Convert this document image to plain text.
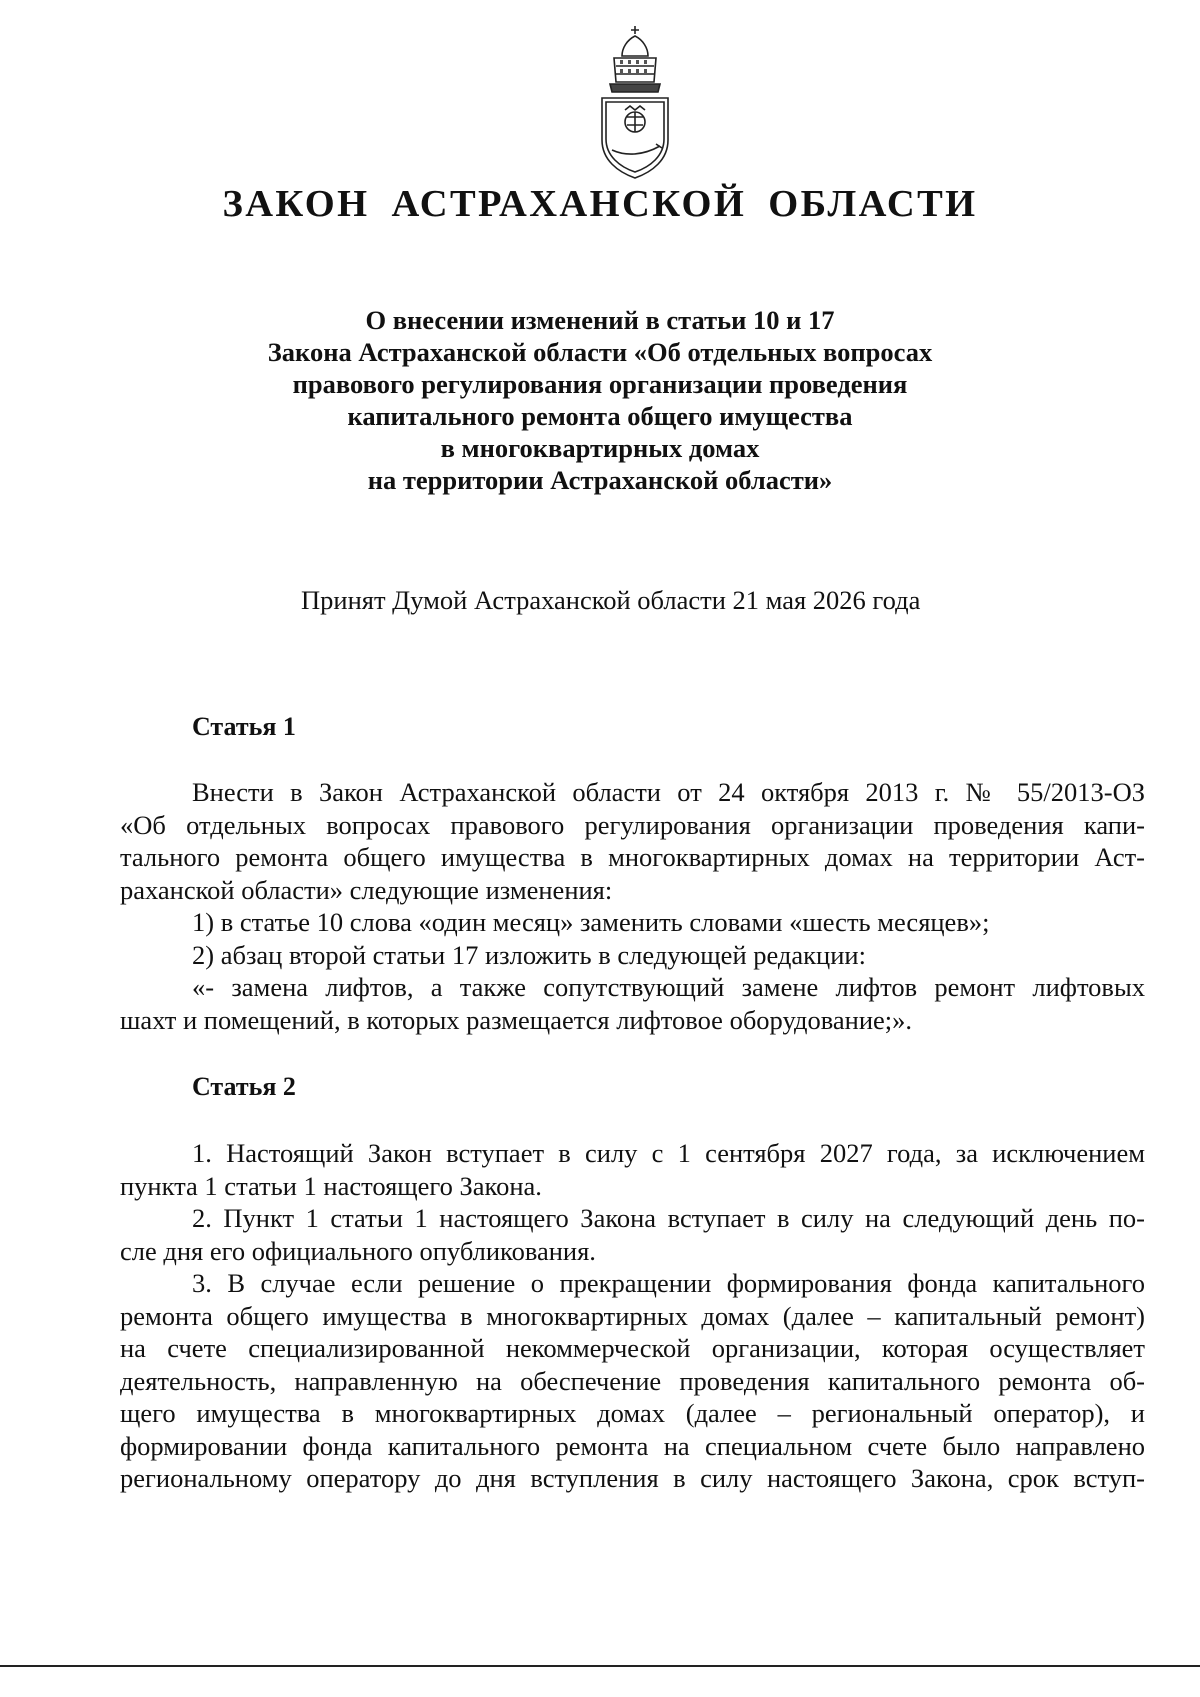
ЗАКОН АСТРАХАНСКОЙ ОБЛАСТИ
О внесении изменений в статьи 10 и 17
Закона Астраханской области «Об отдельных вопросах
правового регулирования организации проведения
капитального ремонта общего имущества
в многоквартирных домах
на территории Астраханской области»
Принят Думой Астраханской области 21 мая 2026 года
Статья 1
Внести в Закон Астраханской области от 24 октября 2013 г. № 55/2013-ОЗ
«Об отдельных вопросах правового регулирования организации проведения капи-
тального ремонта общего имущества в многоквартирных домах на территории Аст-
раханской области» следующие изменения:
1) в статье 10 слова «один месяц» заменить словами «шесть месяцев»;
2) абзац второй статьи 17 изложить в следующей редакции:
«- замена лифтов, а также сопутствующий замене лифтов ремонт лифтовых
шахт и помещений, в которых размещается лифтовое оборудование;».
Статья 2
1. Настоящий Закон вступает в силу с 1 сентября 2027 года, за исключением
пункта 1 статьи 1 настоящего Закона.
2. Пункт 1 статьи 1 настоящего Закона вступает в силу на следующий день по-
сле дня его официального опубликования.
3. В случае если решение о прекращении формирования фонда капитального
ремонта общего имущества в многоквартирных домах (далее – капитальный ремонт)
на счете специализированной некоммерческой организации, которая осуществляет
деятельность, направленную на обеспечение проведения капитального ремонта об-
щего имущества в многоквартирных домах (далее – региональный оператор), и
формировании фонда капитального ремонта на специальном счете было направлено
региональному оператору до дня вступления в силу настоящего Закона, срок вступ-
